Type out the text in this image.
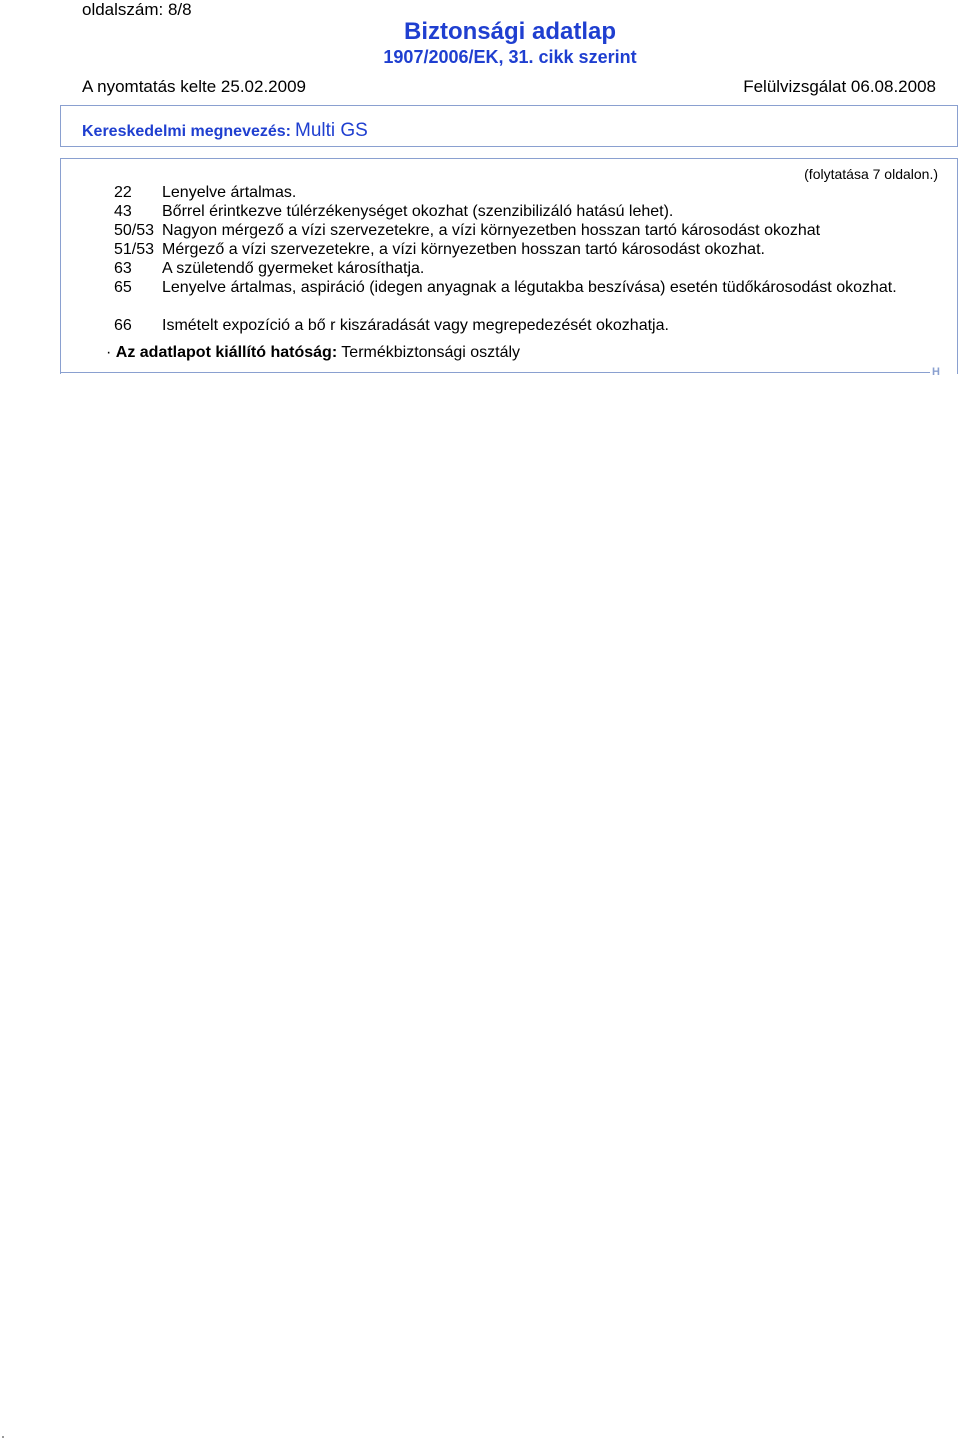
oldalszám: 8/8
Biztonsági adatlap
1907/2006/EK, 31. cikk szerint
A nyomtatás kelte 25.02.2009	Felülvizsgálat 06.08.2008
Kereskedelmi megnevezés: Multi GS
H
(folytatása 7 oldalon.)
22 Lenyelve ártalmas.
43 Bőrrel érintkezve túlérzékenységet okozhat (szenzibilizáló hatású lehet).
50/53 Nagyon mérgező a vízi szervezetekre, a vízi környezetben hosszan tartó károsodást okozhat
51/53 Mérgező a vízi szervezetekre, a vízi környezetben hosszan tartó károsodást okozhat.
63 A születendő gyermeket károsíthatja.
65 Lenyelve ártalmas, aspiráció (idegen anyagnak a légutakba beszívása) esetén tüdőkárosodást okozhat.
66 Ismételt expozíció a bő r kiszáradását vagy megrepedezését okozhatja.
· Az adatlapot kiállító hatóság: Termékbiztonsági osztály
